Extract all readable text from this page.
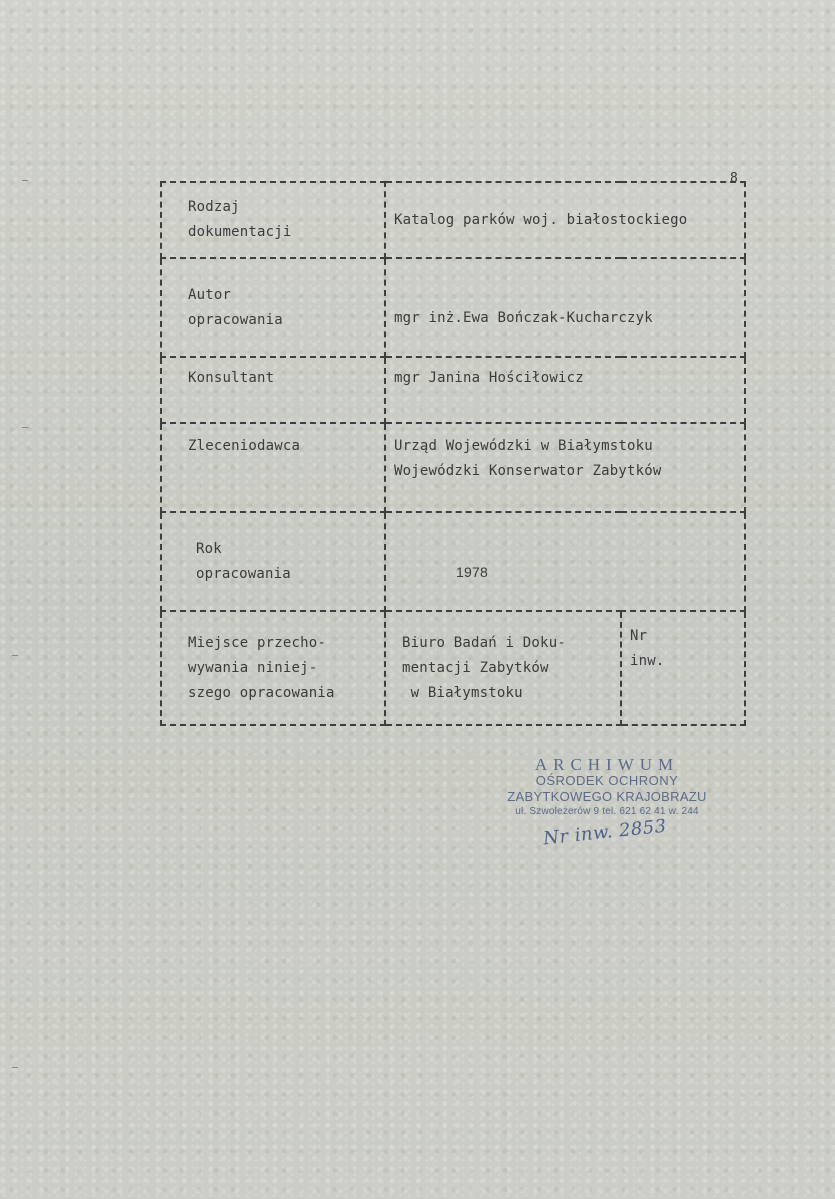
8
Rodzaj
dokumentacji	Katalog parków woj. białostockiego	

Autor
opracowania	mgr inż.Ewa Bończak-Kucharczyk	
Konsultant	mgr Janina Hościłowicz	
Zleceniodawca	Urząd Wojewódzki w Białymstoku
Wojewódzki Konserwator Zabytków	

Rok
opracowania	1978	

Miejsce przecho-
wywania niniej-
szego opracowania	Biuro Badań i Doku-
mentacji Zabytków
w Białymstoku	Nr
inw.
ARCHIWUM
OŚRODEK OCHRONY
ZABYTKOWEGO KRAJOBRAZU
ul. Szwoleżerów 9 tel. 621 62 41 w. 244
Nr inw. 2853
